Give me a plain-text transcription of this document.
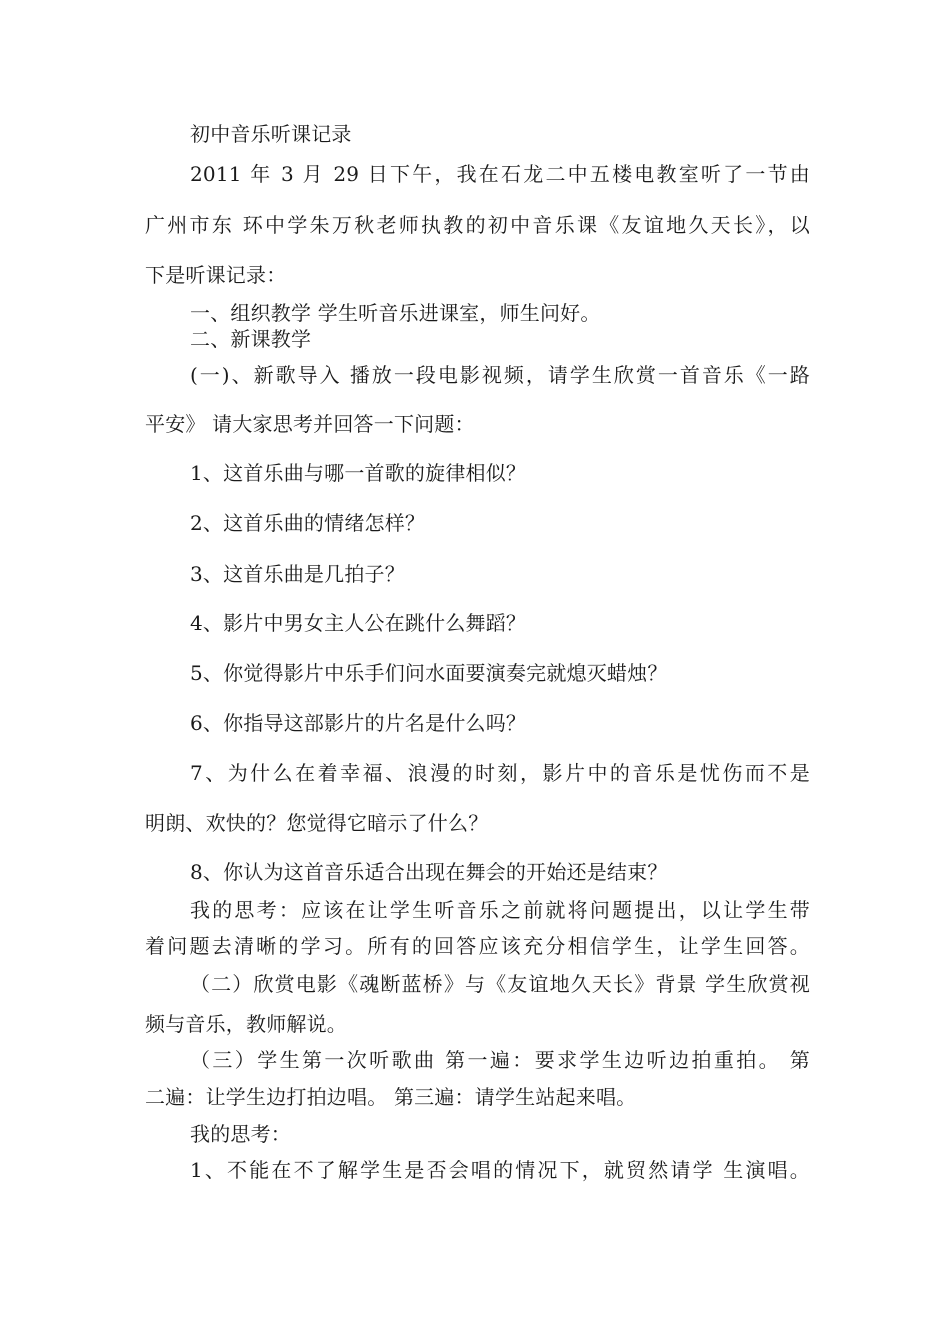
初中音乐听课记录
2011 年 3 月 29 日下午，我在石龙二中五楼电教室听了一节由
广州市东 环中学朱万秋老师执教的初中音乐课《友谊地久天长》，以
下是听课记录：
一、组织教学 学生听音乐进课室，师生问好。
二、新课教学
(一)、新歌导入 播放一段电影视频，请学生欣赏一首音乐《一路
平安》 请大家思考并回答一下问题：
1、这首乐曲与哪一首歌的旋律相似？
2、这首乐曲的情绪怎样？
3、这首乐曲是几拍子？
4、影片中男女主人公在跳什么舞蹈？
5、你觉得影片中乐手们问水面要演奏完就熄灭蜡烛？
6、你指导这部影片的片名是什么吗？
7、为什么在着幸福、浪漫的时刻，影片中的音乐是忧伤而不是
明朗、欢快的？您觉得它暗示了什么？
8、你认为这首音乐适合出现在舞会的开始还是结束？
我的思考：应该在让学生听音乐之前就将问题提出，以让学生带
着问题去清晰的学习。所有的回答应该充分相信学生，让学生回答。
（二）欣赏电影《魂断蓝桥》与《友谊地久天长》背景 学生欣赏视
频与音乐，教师解说。
（三）学生第一次听歌曲 第一遍：要求学生边听边拍重拍。 第
二遍：让学生边打拍边唱。 第三遍：请学生站起来唱。
我的思考：
1、不能在不了解学生是否会唱的情况下，就贸然请学 生演唱。
